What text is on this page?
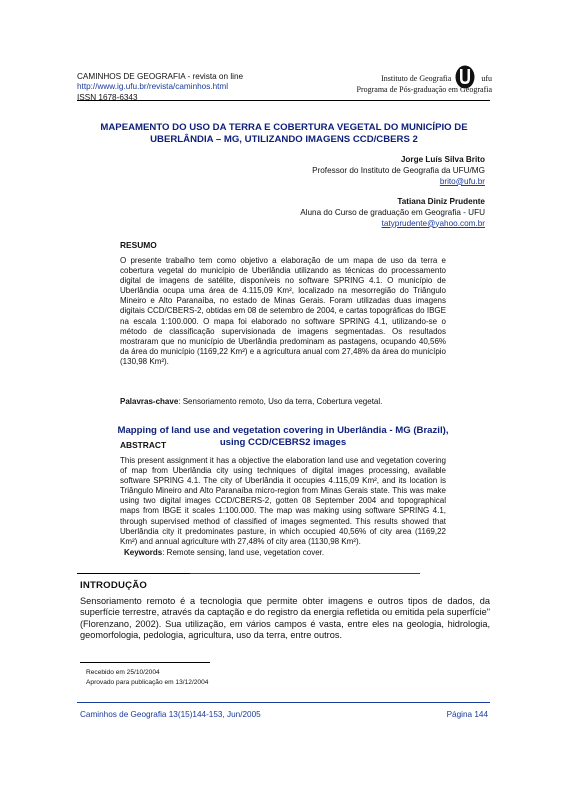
CAMINHOS DE GEOGRAFIA - revista on line
http://www.ig.ufu.br/revista/caminhos.html
ISSN 1678-6343
Instituto de Geografia	ufu
Programa de Pós-graduação em Geografia
MAPEAMENTO DO USO DA TERRA E COBERTURA VEGETAL DO MUNICÍPIO DE UBERLÂNDIA – MG, UTILIZANDO IMAGENS CCD/CBERS 2
Jorge Luís Silva Brito
Professor do Instituto de Geografia da UFU/MG
brito@ufu.br
Tatiana Diniz Prudente
Aluna do Curso de graduação em Geografia - UFU
tatyprudente@yahoo.com.br
RESUMO
O presente trabalho tem como objetivo a elaboração de um mapa de uso da terra e cobertura vegetal do município de Uberlândia utilizando as técnicas do processamento digital de imagens de satélite, disponíveis no software SPRING 4.1. O município de Uberlândia ocupa uma área de 4.115,09 Km², localizado na mesorregião do Triângulo Mineiro e Alto Paranaíba, no estado de Minas Gerais. Foram utilizadas duas imagens digitais CCD/CBERS-2, obtidas em 08 de setembro de 2004, e cartas topográficas do IBGE na escala 1:100.000. O mapa foi elaborado no software SPRING 4.1, utilizando-se o método de classificação supervisionada de imagens segmentadas. Os resultados mostraram que no município de Uberlândia predominam as pastagens, ocupando 40,56% da área do município (1169,22 Km²) e a agricultura anual com 27,48% da área do município (130,98 Km²).
Palavras-chave: Sensoriamento remoto, Uso da terra, Cobertura vegetal.
Mapping of land use and vegetation covering in Uberlândia - MG (Brazil), using CCD/CEBRS2 images
ABSTRACT
This present assignment it has a objective the elaboration land use and vegetation covering of map from Uberlândia city using techniques of digital images processing, available software SPRING 4.1. The city of Uberlândia it occupies 4.115,09 Km², and its location is Triângulo Mineiro and Alto Paranaíba micro-region from Minas Gerais state. This was make using two digital images CCD/CBERS-2, gotten 08 September 2004 and topographical maps from IBGE it scales 1:100.000. The map was making using software SPRING 4.1, through supervised method of classified of images segmented. This results showed that Uberlândia city it predominates pasture, in which occupied 40,56% of city area (1169,22 Km²) and annual agriculture with 27,48% of city area (1130,98 Km²).
Keywords: Remote sensing, land use, vegetation cover.
INTRODUÇÃO
Sensoriamento remoto é a tecnologia que permite obter imagens e outros tipos de dados, da superfície terrestre, através da captação e do registro da energia refletida ou emitida pela superfície" (Florenzano, 2002). Sua utilização, em vários campos é vasta, entre eles na geologia, hidrologia, geomorfologia, pedologia, agricultura, uso da terra, entre outros.
Recebido em 25/10/2004
Aprovado para publicação em 13/12/2004
Caminhos de Geografia 13(15)144-153, Jun/2005	Página 144
